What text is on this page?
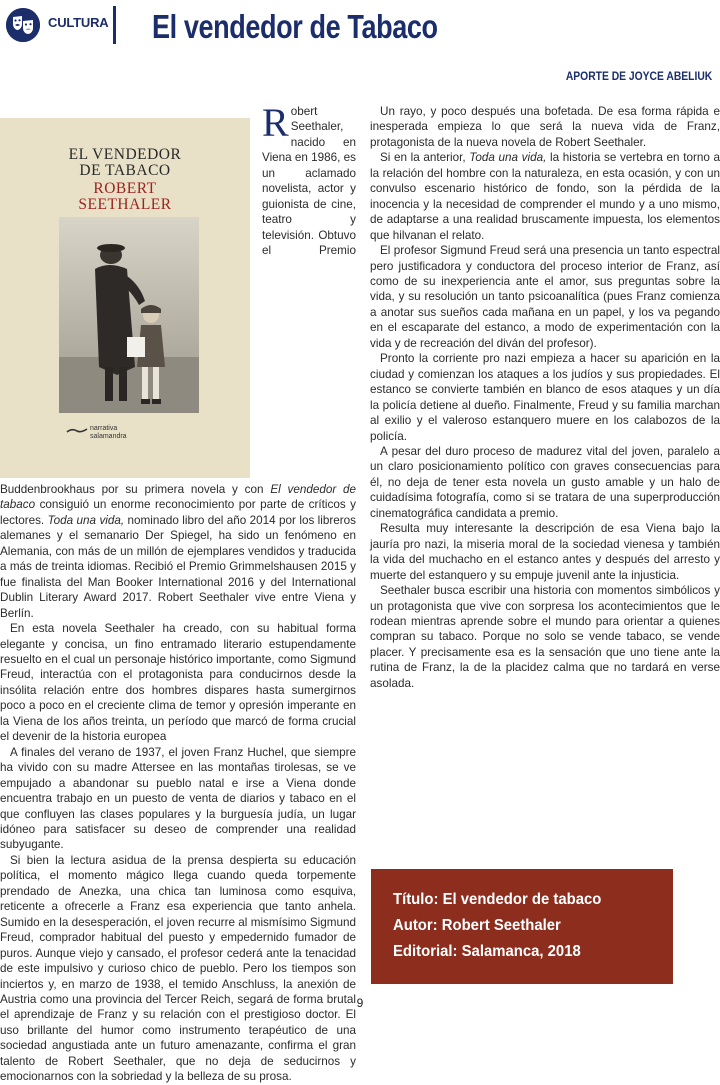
CULTURA El vendedor de Tabaco
APORTE DE JOYCE ABELIUK
EL VENDEDOR
DE TABACO
ROBERT
SEETHALER
narrativa
salamandra

Robert Seethaler, nacido en Viena en 1986, es un aclamado novelista, actor y guionista de cine, teatro y televisión. Obtuvo el Premio Buddenbrookhaus por su primera novela y con El vendedor de tabaco consiguió un enorme reconocimiento por parte de críticos y lectores. Toda una vida, nominado libro del año 2014 por los libreros alemanes y el semanario Der Spiegel, ha sido un fenómeno en Alemania, con más de un millón de ejemplares vendidos y traducida a más de treinta idiomas. Recibió el Premio Grimmelshausen 2015 y fue finalista del Man Booker International 2016 y del International Dublin Literary Award 2017. Robert Seethaler vive entre Viena y Berlín.

En esta novela Seethaler ha creado, con su habitual forma elegante y concisa, un fino entramado literario estupendamente resuelto en el cual un personaje histórico importante, como Sigmund Freud, interactúa con el protagonista para conducirnos desde la insólita relación entre dos hombres dispares hasta sumergirnos poco a poco en el creciente clima de temor y opresión imperante en la Viena de los años treinta, un período que marcó de forma crucial el devenir de la historia europea

A finales del verano de 1937, el joven Franz Huchel, que siempre ha vivido con su madre Attersee en las montañas tirolesas, se ve empujado a abandonar su pueblo natal e irse a Viena donde encuentra trabajo en un puesto de venta de diarios y tabaco en el que confluyen las clases populares y la burguesía judía, un lugar idóneo para satisfacer su deseo de comprender una realidad subyugante.

Si bien la lectura asidua de la prensa despierta su educación política, el momento mágico llega cuando queda torpemente prendado de Anezka, una chica tan luminosa como esquiva, reticente a ofrecerle a Franz esa experiencia que tanto anhela. Sumido en la desesperación, el joven recurre al mismísimo Sigmund Freud, comprador habitual del puesto y empedernido fumador de puros. Aunque viejo y cansado, el profesor cederá ante la tenacidad de este impulsivo y curioso chico de pueblo. Pero los tiempos son inciertos y, en marzo de 1938, el temido Anschluss, la anexión de Austria como una provincia del Tercer Reich, segará de forma brutal el aprendizaje de Franz y su relación con el prestigioso doctor. El uso brillante del humor como instrumento terapéutico de una sociedad angustiada ante un futuro amenazante, confirma el gran talento de Robert Seethaler, que no deja de seducirnos y emocionarnos con la sobriedad y la belleza de su prosa.

Un rayo, y poco después una bofetada. De esa forma rápida e inesperada empieza lo que será la nueva vida de Franz, protagonista de la nueva novela de Robert Seethaler.

Si en la anterior, Toda una vida, la historia se vertebra en torno a la relación del hombre con la naturaleza, en esta ocasión, y con un convulso escenario histórico de fondo, son la pérdida de la inocencia y la necesidad de comprender el mundo y a uno mismo, de adaptarse a una realidad bruscamente impuesta, los elementos que hilvanan el relato.

El profesor Sigmund Freud será una presencia un tanto espectral pero justificadora y conductora del proceso interior de Franz, así como de su inexperiencia ante el amor, sus preguntas sobre la vida, y su resolución un tanto psicoanalítica (pues Franz comienza a anotar sus sueños cada mañana en un papel, y los va pegando en el escaparate del estanco, a modo de experimentación con la vida y de recreación del diván del profesor).

Pronto la corriente pro nazi empieza a hacer su aparición en la ciudad y comienzan los ataques a los judíos y sus propiedades. El estanco se convierte también en blanco de esos ataques y un día la policía detiene al dueño. Finalmente, Freud y su familia marchan al exilio y el valeroso estanquero muere en los calabozos de la policía.

A pesar del duro proceso de madurez vital del joven, paralelo a un claro posicionamiento político con graves consecuencias para él, no deja de tener esta novela un gusto amable y un halo de cuidadísima fotografía, como si se tratara de una superproducción cinematográfica candidata a premio.

Resulta muy interesante la descripción de esa Viena bajo la jauría pro nazi, la miseria moral de la sociedad vienesa y también la vida del muchacho en el estanco antes y después del arresto y muerte del estanquero y su empuje juvenil ante la injusticia.

Seethaler busca escribir una historia con momentos simbólicos y un protagonista que vive con sorpresa los acontecimientos que le rodean mientras aprende sobre el mundo para orientar a quienes compran su tabaco. Porque no solo se vende tabaco, se vende placer. Y precisamente esa es la sensación que uno tiene ante la rutina de Franz, la de la placidez calma que no tardará en verse asolada.

Título: El vendedor de tabaco
Autor: Robert Seethaler
Editorial: Salamanca, 2018
9
